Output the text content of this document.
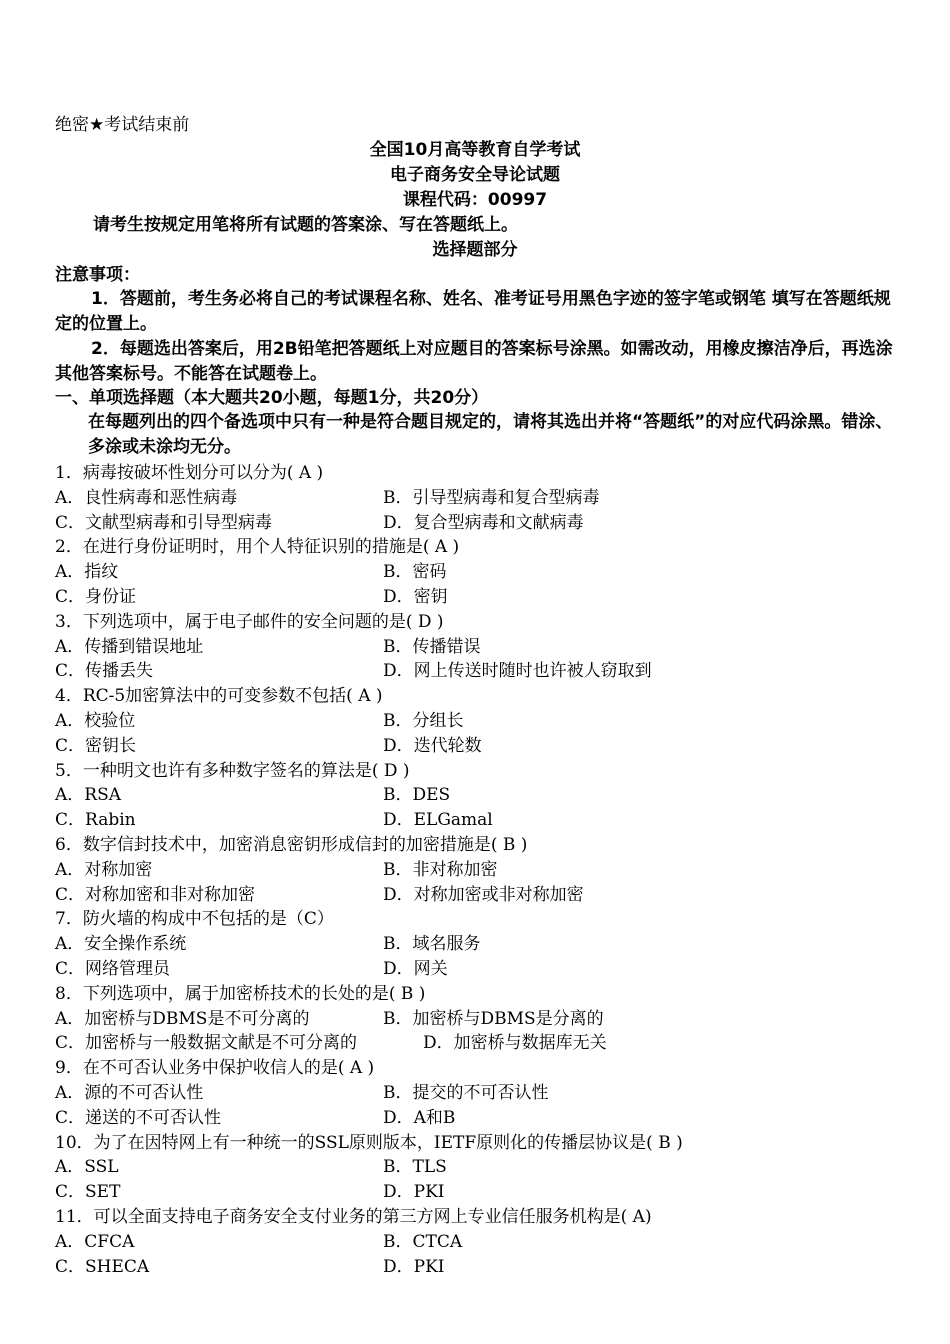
绝密★考试结束前
全国10月高等教育自学考试
电子商务安全导论试题
课程代码：00997
请考生按规定用笔将所有试题的答案涂、写在答题纸上。
选择题部分
注意事项：
1．答题前，考生务必将自己的考试课程名称、姓名、准考证号用黑色字迹的签字笔或钢笔 填写在答题纸规定的位置上。
2．每题选出答案后，用2B铅笔把答题纸上对应题目的答案标号涂黑。如需改动，用橡皮擦洁净后，再选涂其他答案标号。不能答在试题卷上。
一、单项选择题（本大题共20小题，每题1分，共20分）
在每题列出的四个备选项中只有一种是符合题目规定的，请将其选出并将“答题纸”的对应代码涂黑。错涂、多涂或未涂均无分。
1．病毒按破坏性划分可以分为( A )
A．良性病毒和恶性病毒	B．引导型病毒和复合型病毒
C．文献型病毒和引导型病毒	D．复合型病毒和文献病毒
2．在进行身份证明时，用个人特征识别的措施是( A )
A．指纹	B．密码
C．身份证	D．密钥
3．下列选项中，属于电子邮件的安全问题的是( D )
A．传播到错误地址	B．传播错误
C．传播丢失	D．网上传送时随时也许被人窃取到
4．RC-5加密算法中的可变参数不包括( A )
A．校验位	B．分组长
C．密钥长	D．迭代轮数
5．一种明文也许有多种数字签名的算法是( D )
A．RSA	B．DES
C．Rabin	D．ELGamal
6．数字信封技术中，加密消息密钥形成信封的加密措施是( B )
A．对称加密	B．非对称加密
C．对称加密和非对称加密	D．对称加密或非对称加密
7．防火墙的构成中不包括的是（C）
A．安全操作系统	B．域名服务
C．网络管理员	D．网关
8．下列选项中，属于加密桥技术的长处的是( B )
A．加密桥与DBMS是不可分离的	B．加密桥与DBMS是分离的
C．加密桥与一般数据文献是不可分离的	D．加密桥与数据库无关
9．在不可否认业务中保护收信人的是( A )
A．源的不可否认性	B．提交的不可否认性
C．递送的不可否认性	D．A和B
10．为了在因特网上有一种统一的SSL原则版本，IETF原则化的传播层协议是( B )
A．SSL	B．TLS
C．SET	D．PKI
11．可以全面支持电子商务安全支付业务的第三方网上专业信任服务机构是( A)
A．CFCA	B．CTCA
C．SHECA	D．PKI
